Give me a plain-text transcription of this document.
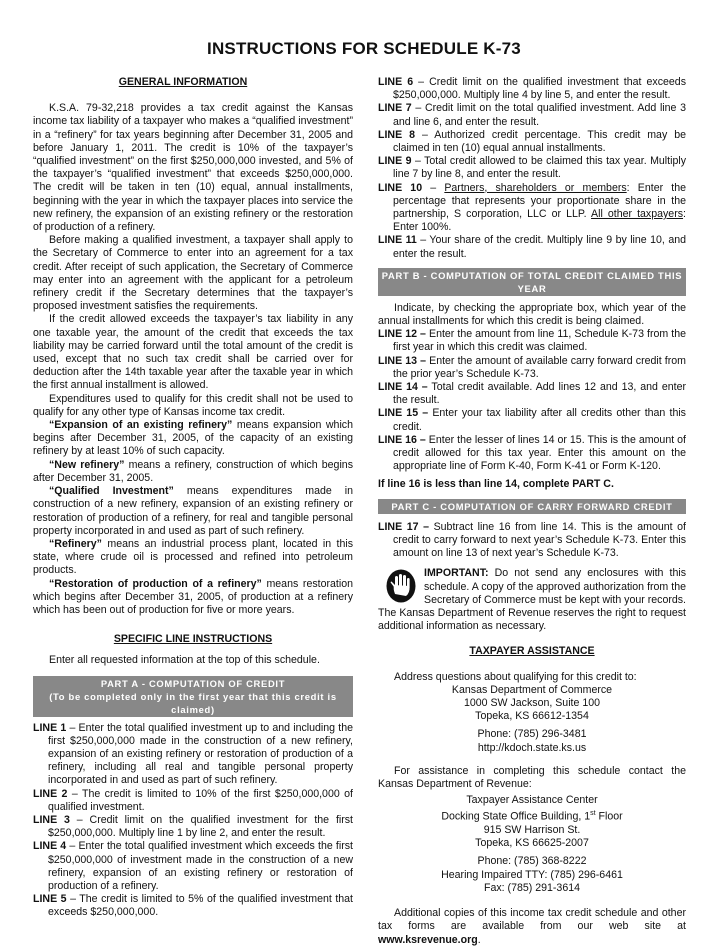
INSTRUCTIONS FOR SCHEDULE K-73
GENERAL INFORMATION

K.S.A. 79-32,218 provides a tax credit against the Kansas income tax liability of a taxpayer who makes a “qualified investment” in a “refinery” for tax years beginning after December 31, 2005 and before January 1, 2011. The credit is 10% of the taxpayer’s “qualified investment” on the first $250,000,000 invested, and 5% of the taxpayer’s “qualified investment” that exceeds $250,000,000. The credit will be taken in ten (10) equal, annual installments, beginning with the year in which the taxpayer places into service the new refinery, the expansion of an existing refinery or the restoration of production of a refinery.

Before making a qualified investment, a taxpayer shall apply to the Secretary of Commerce to enter into an agreement for a tax credit. After receipt of such application, the Secretary of Commerce may enter into an agreement with the applicant for a petroleum refinery credit if the Secretary determines that the taxpayer’s proposed investment satisfies the requirements.

If the credit allowed exceeds the taxpayer’s tax liability in any one taxable year, the amount of the credit that exceeds the tax liability may be carried forward until the total amount of the credit is used, except that no such tax credit shall be carried over for deduction after the 14th taxable year after the taxable year in which the first annual installment is allowed.

Expenditures used to qualify for this credit shall not be used to qualify for any other type of Kansas income tax credit.

“Expansion of an existing refinery” means expansion which begins after December 31, 2005, of the capacity of an existing refinery by at least 10% of such capacity.

“New refinery” means a refinery, construction of which begins after December 31, 2005.

“Qualified Investment” means expenditures made in construction of a new refinery, expansion of an existing refinery or restoration of production of a refinery, for real and tangible personal property incorporated in and used as part of such refinery.

“Refinery” means an industrial process plant, located in this state, where crude oil is processed and refined into petroleum products.

“Restoration of production of a refinery” means restoration which begins after December 31, 2005, of production at a refinery which has been out of production for five or more years.

SPECIFIC LINE INSTRUCTIONS

Enter all requested information at the top of this schedule.

PART A - COMPUTATION OF CREDIT
(To be completed only in the first year that this credit is claimed)

LINE 1 – Enter the total qualified investment up to and including the first $250,000,000 made in the construction of a new refinery, expansion of an existing refinery or restoration of production of a refinery, including all real and tangible personal property incorporated in and used as part of such refinery.

LINE 2 – The credit is limited to 10% of the first $250,000,000 of qualified investment.

LINE 3 – Credit limit on the qualified investment for the first $250,000,000. Multiply line 1 by line 2, and enter the result.

LINE 4 – Enter the total qualified investment which exceeds the first $250,000,000 of investment made in the construction of a new refinery, expansion of an existing refinery or restoration of production of a refinery.

LINE 5 – The credit is limited to 5% of the qualified investment that exceeds $250,000,000.

LINE 6 – Credit limit on the qualified investment that exceeds $250,000,000. Multiply line 4 by line 5, and enter the result.

LINE 7 – Credit limit on the total qualified investment. Add line 3 and line 6, and enter the result.

LINE 8 – Authorized credit percentage. This credit may be claimed in ten (10) equal annual installments.

LINE 9 – Total credit allowed to be claimed this tax year. Multiply line 7 by line 8, and enter the result.

LINE 10 – Partners, shareholders or members: Enter the percentage that represents your proportionate share in the partnership, S corporation, LLC or LLP. All other taxpayers: Enter 100%.

LINE 11 – Your share of the credit. Multiply line 9 by line 10, and enter the result.

PART B - COMPUTATION OF TOTAL CREDIT CLAIMED THIS YEAR

Indicate, by checking the appropriate box, which year of the annual installments for which this credit is being claimed.

LINE 12 – Enter the amount from line 11, Schedule K-73 from the first year in which this credit was claimed.

LINE 13 – Enter the amount of available carry forward credit from the prior year’s Schedule K-73.

LINE 14 – Total credit available. Add lines 12 and 13, and enter the result.

LINE 15 – Enter your tax liability after all credits other than this credit.

LINE 16 – Enter the lesser of lines 14 or 15. This is the amount of credit allowed for this tax year. Enter this amount on the appropriate line of Form K-40, Form K-41 or Form K-120.

If line 16 is less than line 14, complete PART C.

PART C - COMPUTATION OF CARRY FORWARD CREDIT

LINE 17 – Subtract line 16 from line 14. This is the amount of credit to carry forward to next year’s Schedule K-73. Enter this amount on line 13 of next year’s Schedule K-73.

IMPORTANT: Do not send any enclosures with this schedule. A copy of the approved authorization from the Secretary of Commerce must be kept with your records.

The Kansas Department of Revenue reserves the right to request additional information as necessary.

TAXPAYER ASSISTANCE

Address questions about qualifying for this credit to:

Kansas Department of Commerce
1000 SW Jackson, Suite 100
Topeka, KS 66612-1354
Phone: (785) 296-3481
http://kdoch.state.ks.us

For assistance in completing this schedule contact the Kansas Department of Revenue:

Taxpayer Assistance Center
Docking State Office Building, 1st Floor
915 SW Harrison St.
Topeka, KS 66625-2007
Phone: (785) 368-8222
Hearing Impaired TTY: (785) 296-6461
Fax: (785) 291-3614

Additional copies of this income tax credit schedule and other tax forms are available from our web site at www.ksrevenue.org.
